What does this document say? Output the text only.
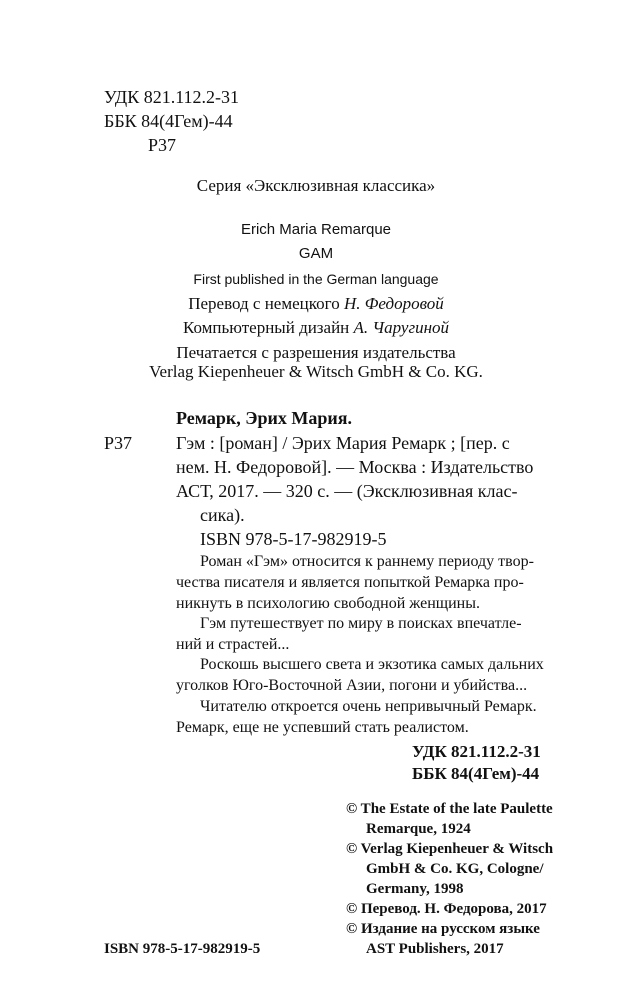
УДК 821.112.2-31
ББК 84(4Гем)-44
Р37
Серия «Эксклюзивная классика»
Erich Maria Remarque
GAM
First published in the German language
Перевод с немецкого Н. Федоровой
Компьютерный дизайн А. Чаругиной
Печатается с разрешения издательства
Verlag Kiepenheuer & Witsch GmbH & Co. KG.
Ремарк, Эрих Мария.
Р37 Гэм : [роман] / Эрих Мария Ремарк ; [пер. с
нем. Н. Федоровой]. — Москва : Издательство
АСТ, 2017. — 320 с. — (Эксклюзивная клас-
сика).
ISBN 978-5-17-982919-5
Роман «Гэм» относится к раннему периоду твор-
чества писателя и является попыткой Ремарка про-
никнуть в психологию свободной женщины.
Гэм путешествует по миру в поисках впечатле-
ний и страстей...
Роскошь высшего света и экзотика самых дальних
уголков Юго-Восточной Азии, погони и убийства...
Читателю откроется очень непривычный Ремарк.
Ремарк, еще не успевший стать реалистом.
УДК 821.112.2-31
ББК 84(4Гем)-44
© The Estate of the late Paulette
Remarque, 1924
© Verlag Kiepenheuer & Witsch
GmbH & Co. KG, Cologne/
Germany, 1998
© Перевод. Н. Федорова, 2017
© Издание на русском языке
AST Publishers, 2017
ISBN 978-5-17-982919-5
